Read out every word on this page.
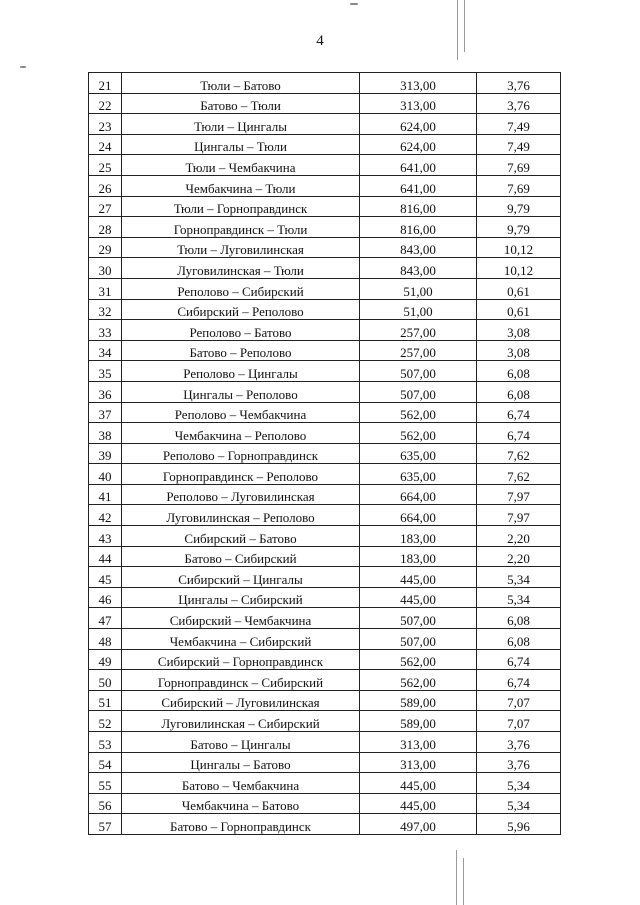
4
21	Тюли – Батово	313,00	3,76
22	Батово – Тюли	313,00	3,76
23	Тюли – Цингалы	624,00	7,49
24	Цингалы – Тюли	624,00	7,49
25	Тюли – Чембакчина	641,00	7,69
26	Чембакчина – Тюли	641,00	7,69
27	Тюли – Горноправдинск	816,00	9,79
28	Горноправдинск – Тюли	816,00	9,79
29	Тюли – Луговилинская	843,00	10,12
30	Луговилинская – Тюли	843,00	10,12
31	Реполово – Сибирский	51,00	0,61
32	Сибирский – Реполово	51,00	0,61
33	Реполово – Батово	257,00	3,08
34	Батово – Реполово	257,00	3,08
35	Реполово – Цингалы	507,00	6,08
36	Цингалы – Реполово	507,00	6,08
37	Реполово – Чембакчина	562,00	6,74
38	Чембакчина – Реполово	562,00	6,74
39	Реполово – Горноправдинск	635,00	7,62
40	Горноправдинск – Реполово	635,00	7,62
41	Реполово – Луговилинская	664,00	7,97
42	Луговилинская – Реполово	664,00	7,97
43	Сибирский – Батово	183,00	2,20
44	Батово – Сибирский	183,00	2,20
45	Сибирский – Цингалы	445,00	5,34
46	Цингалы – Сибирский	445,00	5,34
47	Сибирский – Чембакчина	507,00	6,08
48	Чембакчина – Сибирский	507,00	6,08
49	Сибирский – Горноправдинск	562,00	6,74
50	Горноправдинск – Сибирский	562,00	6,74
51	Сибирский – Луговилинская	589,00	7,07
52	Луговилинская – Сибирский	589,00	7,07
53	Батово – Цингалы	313,00	3,76
54	Цингалы – Батово	313,00	3,76
55	Батово – Чембакчина	445,00	5,34
56	Чембакчина – Батово	445,00	5,34
57	Батово – Горноправдинск	497,00	5,96
